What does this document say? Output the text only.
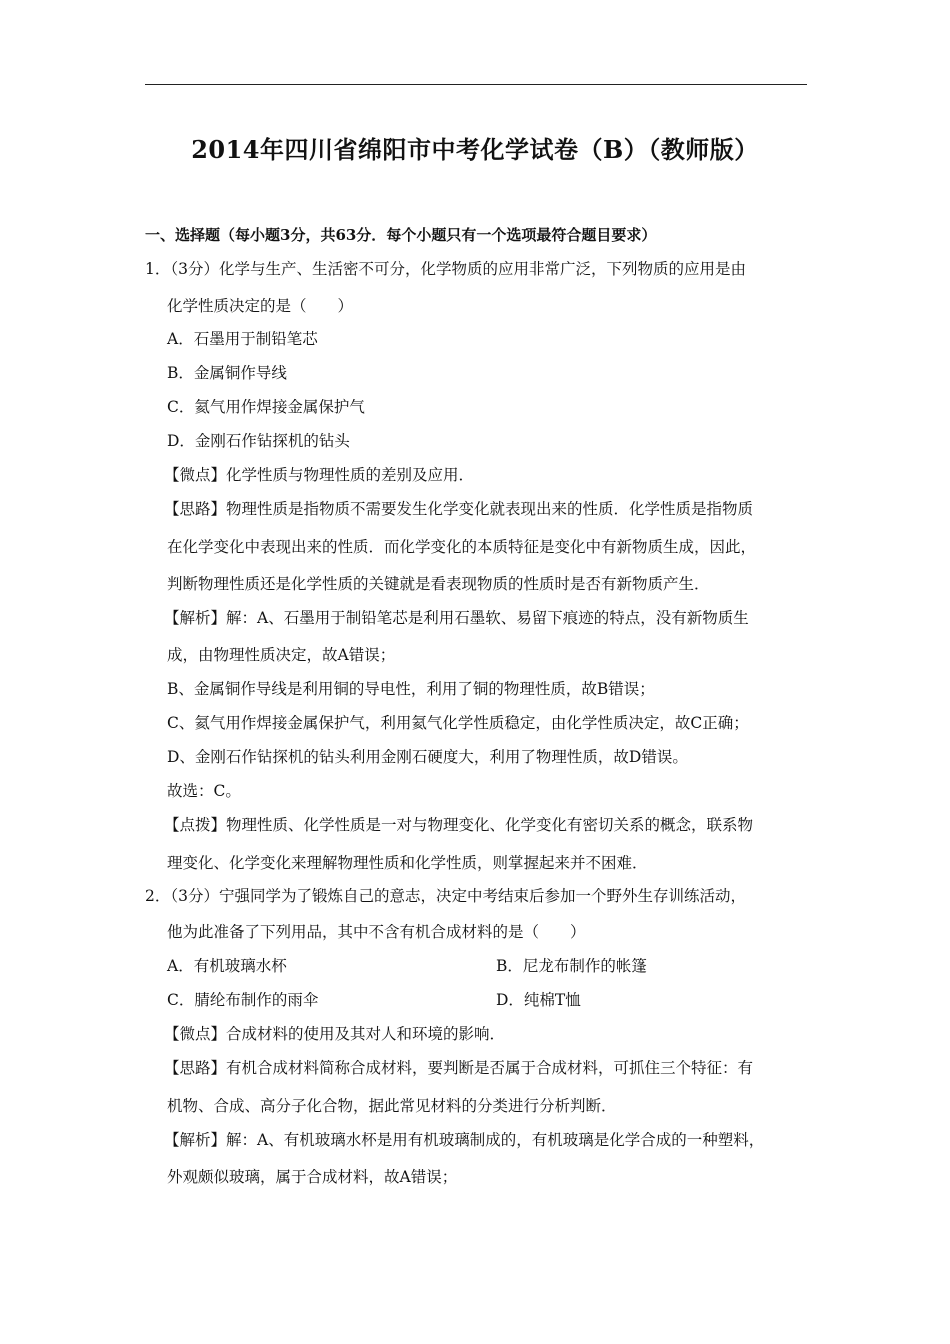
2014年四川省绵阳市中考化学试卷（B）（教师版）
一、选择题（每小题3分，共63分．每个小题只有一个选项最符合题目要求）
1．（3分）化学与生产、生活密不可分，化学物质的应用非常广泛，下列物质的应用是由
化学性质决定的是（　　）
A．石墨用于制铅笔芯
B．金属铜作导线
C．氦气用作焊接金属保护气
D．金刚石作钻探机的钻头
【微点】化学性质与物理性质的差别及应用．
【思路】物理性质是指物质不需要发生化学变化就表现出来的性质．化学性质是指物质
在化学变化中表现出来的性质．而化学变化的本质特征是变化中有新物质生成，因此，
判断物理性质还是化学性质的关键就是看表现物质的性质时是否有新物质产生．
【解析】解：A、石墨用于制铅笔芯是利用石墨软、易留下痕迹的特点，没有新物质生
成，由物理性质决定，故A错误；
B、金属铜作导线是利用铜的导电性，利用了铜的物理性质，故B错误；
C、氦气用作焊接金属保护气，利用氦气化学性质稳定，由化学性质决定，故C正确；
D、金刚石作钻探机的钻头利用金刚石硬度大，利用了物理性质，故D错误。
故选：C。
【点拨】物理性质、化学性质是一对与物理变化、化学变化有密切关系的概念，联系物
理变化、化学变化来理解物理性质和化学性质，则掌握起来并不困难．
2．（3分）宁强同学为了锻炼自己的意志，决定中考结束后参加一个野外生存训练活动，
他为此准备了下列用品，其中不含有机合成材料的是（　　）
A．有机玻璃水杯	B．尼龙布制作的帐篷
C．腈纶布制作的雨伞	D．纯棉T恤
【微点】合成材料的使用及其对人和环境的影响．
【思路】有机合成材料简称合成材料，要判断是否属于合成材料，可抓住三个特征：有
机物、合成、高分子化合物，据此常见材料的分类进行分析判断．
【解析】解：A、有机玻璃水杯是用有机玻璃制成的，有机玻璃是化学合成的一种塑料，
外观颇似玻璃，属于合成材料，故A错误；
